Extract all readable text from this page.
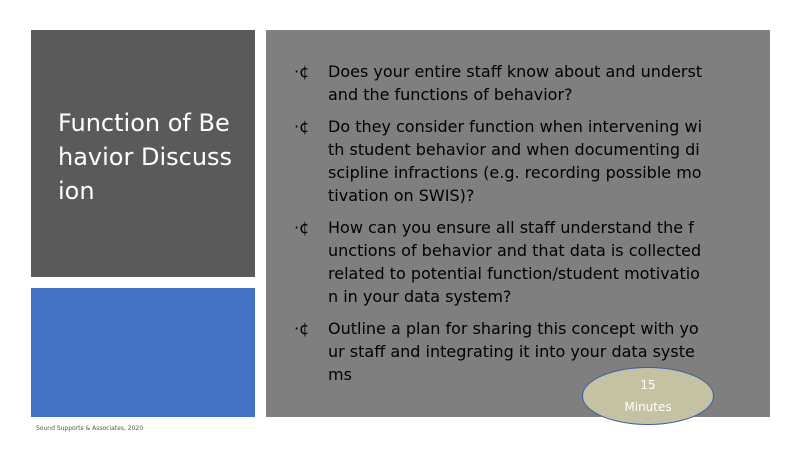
Function of Behavior Discussion
·¢ Does your entire staff know about and understand the functions of behavior?
·¢ Do they consider function when intervening with student behavior and when documenting discipline infractions (e.g. recording possible motivation on SWIS)?
·¢ How can you ensure all staff understand the functions of behavior and that data is collected related to potential function/student motivation in your data system?
·¢ Outline a plan for sharing this concept with your staff and integrating it into your data systems
15
Minutes
Sound Supports & Associates, 2020
